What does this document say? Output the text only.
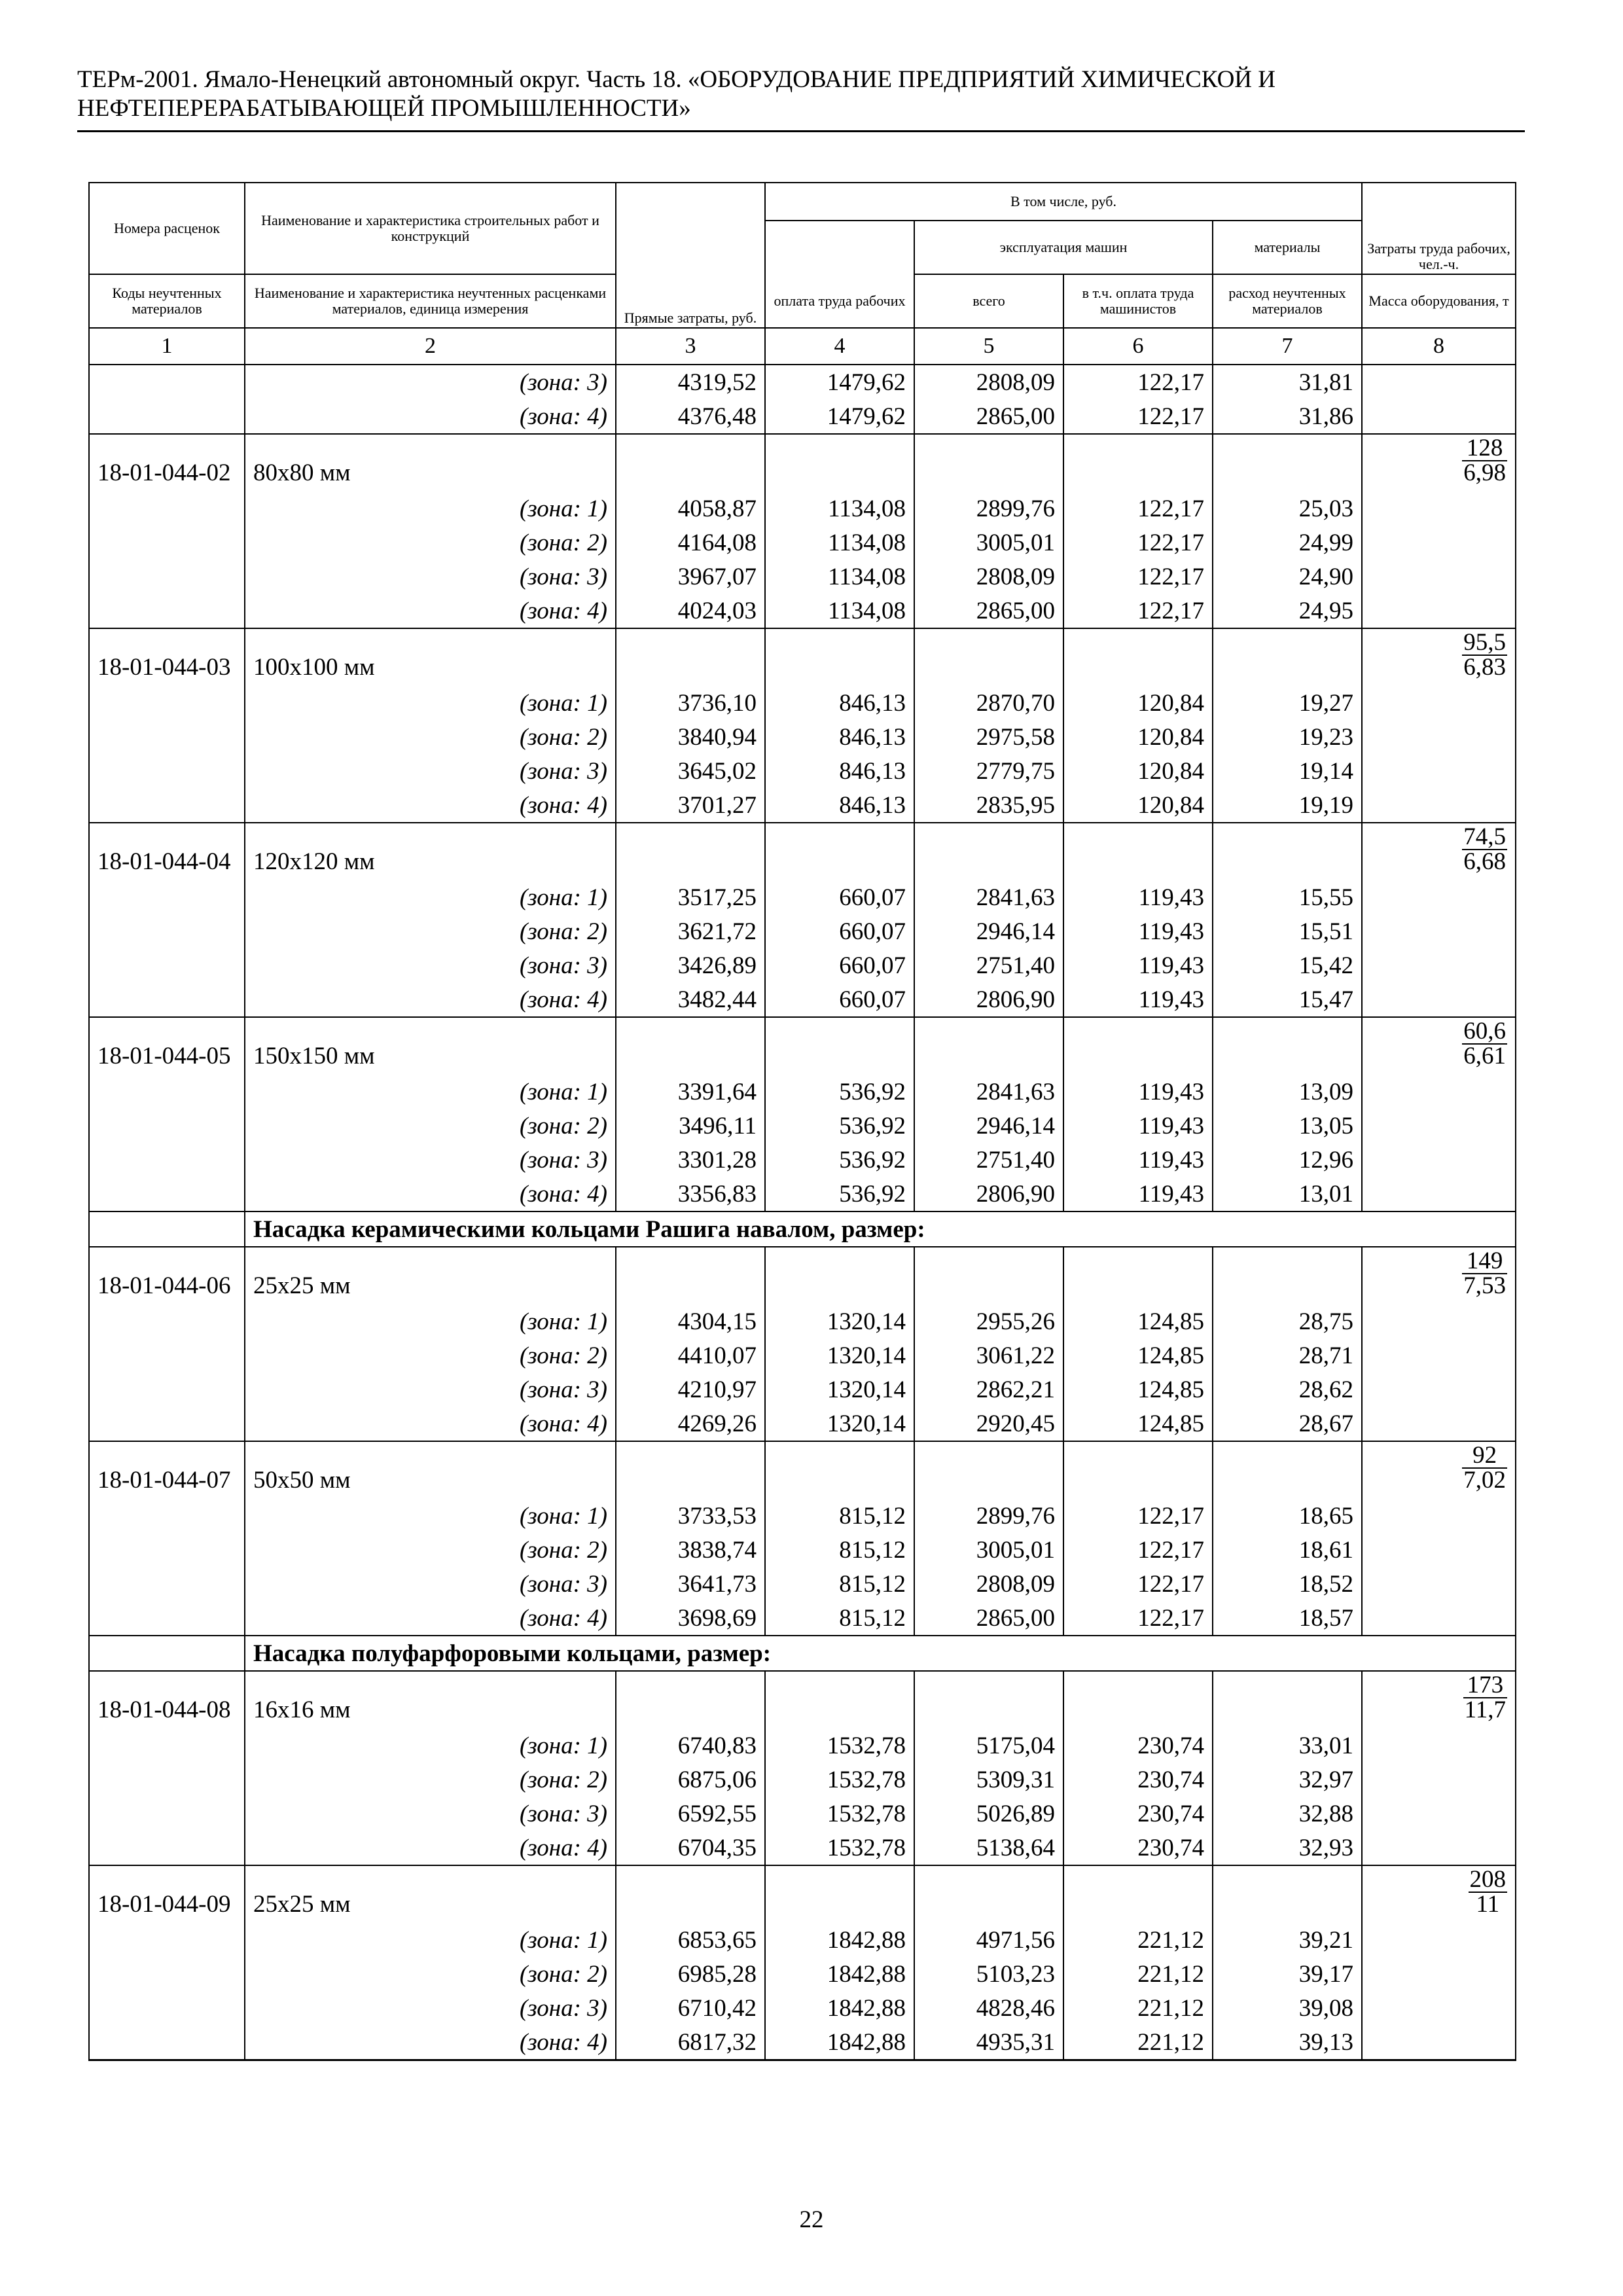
ТЕРм-2001. Ямало-Ненецкий автономный округ. Часть 18. «ОБОРУДОВАНИЕ ПРЕДПРИЯТИЙ ХИМИЧЕСКОЙ И
НЕФТЕПЕРЕРАБАТЫВАЮЩЕЙ ПРОМЫШЛЕННОСТИ»
Номера расценок	Наименование и характеристика строительных работ и конструкций	Прямые затраты, руб.	В том числе, руб.				Затраты труда рабочих, чел.-ч.
				эксплуатация машин		материалы	
Коды неучтенных материалов	Наименование и характеристика неучтенных расценками материалов, единица измерения		оплата труда рабочих	всего	в т.ч. оплата труда машинистов	расход неучтенных материалов	Масса оборудования, т
1	2	3	4	5	6	7	8
	(зона: 3)	4319,52	1479,62	2808,09	122,17	31,81	
	(зона: 4)	4376,48	1479,62	2865,00	122,17	31,86	
18-01-044-02	80x80 мм						$\frac{128}{6,98}$

	(зона: 1)	4058,87	1134,08	2899,76	122,17	25,03	
	(зона: 2)	4164,08	1134,08	3005,01	122,17	24,99	
	(зона: 3)	3967,07	1134,08	2808,09	122,17	24,90	
	(зона: 4)	4024,03	1134,08	2865,00	122,17	24,95	
18-01-044-03	100x100 мм						$\frac{95,5}{6,83}$

	(зона: 1)	3736,10	846,13	2870,70	120,84	19,27	
	(зона: 2)	3840,94	846,13	2975,58	120,84	19,23	
	(зона: 3)	3645,02	846,13	2779,75	120,84	19,14	
	(зона: 4)	3701,27	846,13	2835,95	120,84	19,19	
18-01-044-04	120x120 мм						$\frac{74,5}{6,68}$

	(зона: 1)	3517,25	660,07	2841,63	119,43	15,55	
	(зона: 2)	3621,72	660,07	2946,14	119,43	15,51	
	(зона: 3)	3426,89	660,07	2751,40	119,43	15,42	
	(зона: 4)	3482,44	660,07	2806,90	119,43	15,47	
18-01-044-05	150x150 мм						$\frac{60,6}{6,61}$

	(зона: 1)	3391,64	536,92	2841,63	119,43	13,09	
	(зона: 2)	3496,11	536,92	2946,14	119,43	13,05	
	(зона: 3)	3301,28	536,92	2751,40	119,43	12,96	
	(зона: 4)	3356,83	536,92	2806,90	119,43	13,01	
	Насадка керамическими кольцами Рашига навалом, размер:						
18-01-044-06	25x25 мм						$\frac{149}{7,53}$

	(зона: 1)	4304,15	1320,14	2955,26	124,85	28,75	
	(зона: 2)	4410,07	1320,14	3061,22	124,85	28,71	
	(зона: 3)	4210,97	1320,14	2862,21	124,85	28,62	
	(зона: 4)	4269,26	1320,14	2920,45	124,85	28,67	
18-01-044-07	50x50 мм						$\frac{92}{7,02}$

	(зона: 1)	3733,53	815,12	2899,76	122,17	18,65	
	(зона: 2)	3838,74	815,12	3005,01	122,17	18,61	
	(зона: 3)	3641,73	815,12	2808,09	122,17	18,52	
	(зона: 4)	3698,69	815,12	2865,00	122,17	18,57	
	Насадка полуфарфоровыми кольцами, размер:						
18-01-044-08	16x16 мм						$\frac{173}{11,7}$

	(зона: 1)	6740,83	1532,78	5175,04	230,74	33,01	
	(зона: 2)	6875,06	1532,78	5309,31	230,74	32,97	
	(зона: 3)	6592,55	1532,78	5026,89	230,74	32,88	
	(зона: 4)	6704,35	1532,78	5138,64	230,74	32,93	
18-01-044-09	25x25 мм						$\frac{208}{11}$

	(зона: 1)	6853,65	1842,88	4971,56	221,12	39,21	
	(зона: 2)	6985,28	1842,88	5103,23	221,12	39,17	
	(зона: 3)	6710,42	1842,88	4828,46	221,12	39,08	
	(зона: 4)	6817,32	1842,88	4935,31	221,12	39,13	
22
